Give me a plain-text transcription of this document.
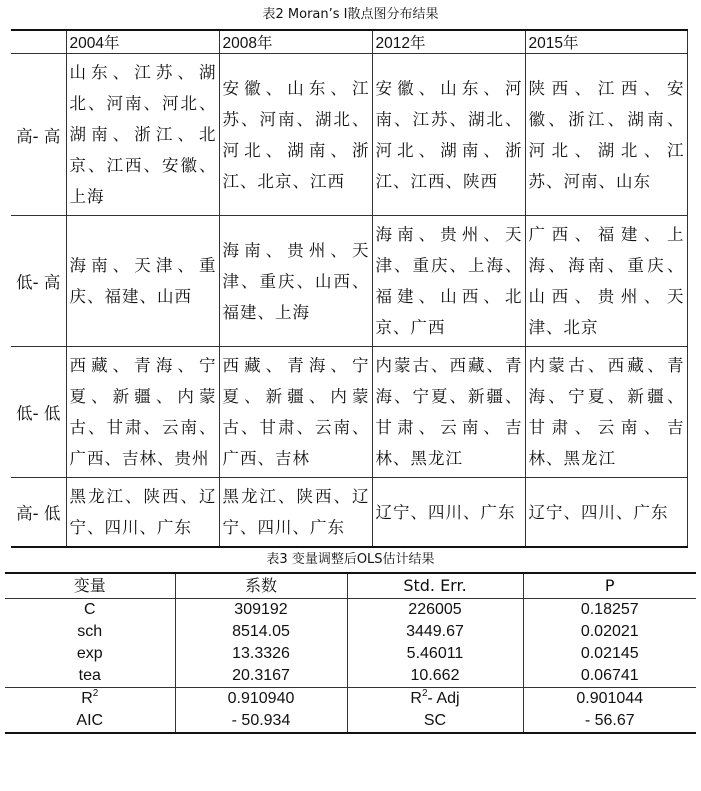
表2 Moran’s I散点图分布结果
	2004年	2008年	2012年	2015年
高- 高	山东、江苏、湖北、河南、河北、湖南、浙江、北京、江西、安徽、上海	安徽、山东、江苏、河南、湖北、河北、湖南、浙江、北京、江西	安徽、山东、河南、江苏、湖北、河北、湖南、浙江、江西、陕西	陕西、江西、安徽、浙江、湖南、河北、湖北、江苏、河南、山东
低- 高	海南、天津、重庆、福建、山西	海南、贵州、天津、重庆、山西、福建、上海	海南、贵州、天津、重庆、上海、福建、山西、北京、广西	广西、福建、上海、海南、重庆、山西、贵州、天津、北京
低- 低	西藏、青海、宁夏、新疆、内蒙古、甘肃、云南、广西、吉林、贵州	西藏、青海、宁夏、新疆、内蒙古、甘肃、云南、广西、吉林	内蒙古、西藏、青海、宁夏、新疆、甘肃、云南、吉林、黑龙江	内蒙古、西藏、青海、宁夏、新疆、甘肃、云南、吉林、黑龙江
高- 低	黑龙江、陕西、辽宁、四川、广东	黑龙江、陕西、辽宁、四川、广东	辽宁、四川、广东	辽宁、四川、广东
表3 变量调整后OLS估计结果
变量	系数	Std. Err.	P
C	309192	226005	0.18257
sch	8514.05	3449.67	0.02021
exp	13.3326	5.46011	0.02145
tea	20.3167	10.662	0.06741
$R^2$	0.910940	$R^2-$ Adj	0.901044
AIC	- 50.934	SC	- 56.67
